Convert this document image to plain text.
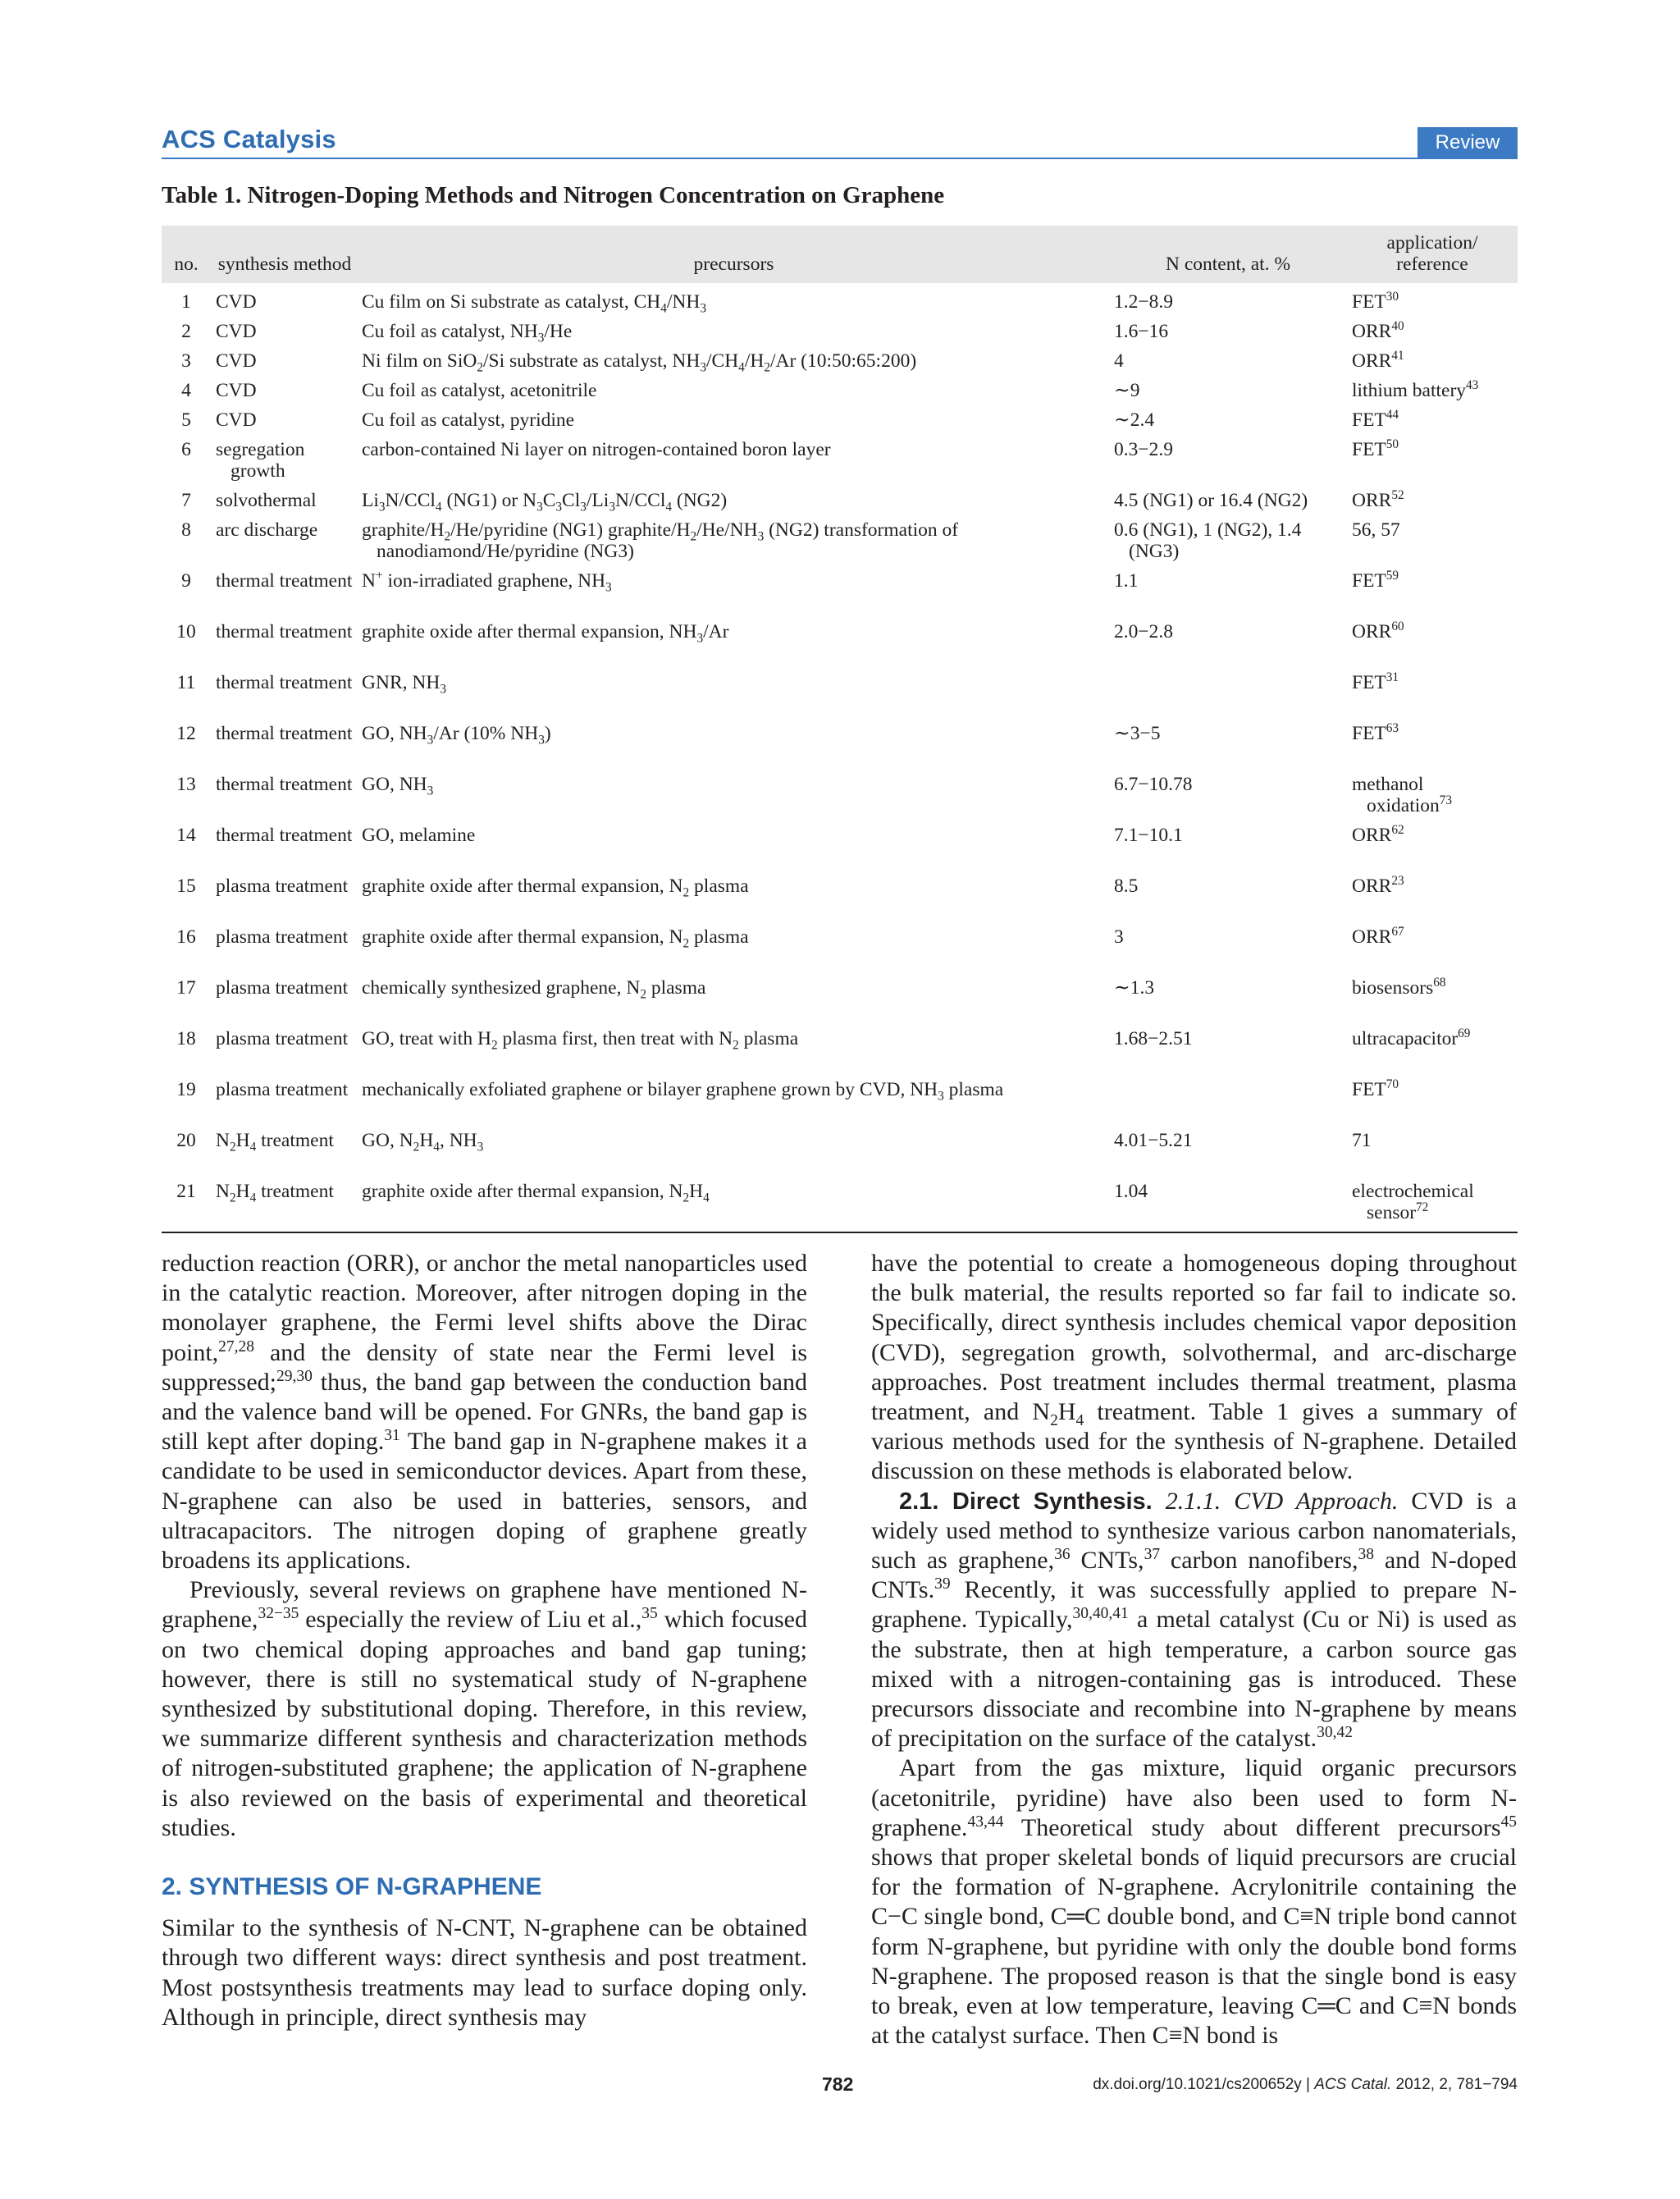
ACS Catalysis	Review
Table 1. Nitrogen-Doping Methods and Nitrogen Concentration on Graphene
no.	synthesis method	precursors	N content, at. %	application/ reference
1	CVD	Cu film on Si substrate as catalyst, $CH_4/NH_3$	1.2−8.9	FET$^{30}$
2	CVD	Cu foil as catalyst, $NH_3/He$	1.6−16	ORR$^{40}$
3	CVD	Ni film on SiO$_2$/Si substrate as catalyst, $NH_3/CH_4/H_2/Ar$ (10:50:65:200)	4	ORR$^{41}$
4	CVD	Cu foil as catalyst, acetonitrile	∼9	lithium battery$^{43}$
5	CVD	Cu foil as catalyst, pyridine	∼2.4	FET$^{44}$
6	segregation growth	carbon-contained Ni layer on nitrogen-contained boron layer	0.3−2.9	FET$^{50}$
7	solvothermal	$Li_3N/CCl_4$ (NG1) or $N_3C_3Cl_3/Li_3N/CCl_4$ (NG2)	4.5 (NG1) or 16.4 (NG2)	ORR$^{52}$
8	arc discharge	graphite/$H_2/He$/pyridine (NG1) graphite/$H_2/He/NH_3$ (NG2) transformation of nanodiamond/He/pyridine (NG3)	0.6 (NG1), 1 (NG2), 1.4 (NG3)	56, 57
9	thermal treatment	N+ ion-irradiated graphene, $NH_3$	1.1	FET$^{59}$
10	thermal treatment	graphite oxide after thermal expansion, $NH_3/Ar$	2.0−2.8	ORR$^{60}$
11	thermal treatment	GNR, $NH_3$		FET$^{31}$
12	thermal treatment	GO, $NH_3/Ar$ (10% $NH_3$)	∼3−5	FET$^{63}$
13	thermal treatment	GO, $NH_3$	6.7−10.78	methanol oxidation$^{73}$
14	thermal treatment	GO, melamine	7.1−10.1	ORR$^{62}$
15	plasma treatment	graphite oxide after thermal expansion, $N_2$ plasma	8.5	ORR$^{23}$
16	plasma treatment	graphite oxide after thermal expansion, $N_2$ plasma	3	ORR$^{67}$
17	plasma treatment	chemically synthesized graphene, $N_2$ plasma	∼1.3	biosensors$^{68}$
18	plasma treatment	GO, treat with $H_2$ plasma first, then treat with $N_2$ plasma	1.68−2.51	ultracapacitor$^{69}$
19	plasma treatment	mechanically exfoliated graphene or bilayer graphene grown by CVD, $NH_3$ plasma		FET$^{70}$
20	$N_2H_4$ treatment	GO, $N_2H_4$, $NH_3$	4.01−5.21	71
21	$N_2H_4$ treatment	graphite oxide after thermal expansion, $N_2H_4$	1.04	electrochemical sensor$^{72}$

reduction reaction (ORR), or anchor the metal nanoparticles used in the catalytic reaction. Moreover, after nitrogen doping in the monolayer graphene, the Fermi level shifts above the Dirac point,$^{27,28}$ and the density of state near the Fermi level is suppressed;$^{29,30}$ thus, the band gap between the conduction band and the valence band will be opened. For GNRs, the band gap is still kept after doping.$^{31}$ The band gap in N-graphene makes it a candidate to be used in semiconductor devices. Apart from these, N-graphene can also be used in batteries, sensors, and ultracapacitors. The nitrogen doping of graphene greatly broadens its applications.

Previously, several reviews on graphene have mentioned N-graphene,$^{32-35}$ especially the review of Liu et al.,$^{35}$ which focused on two chemical doping approaches and band gap tuning; however, there is still no systematical study of N-graphene synthesized by substitutional doping. Therefore, in this review, we summarize different synthesis and characterization methods of nitrogen-substituted graphene; the application of N-graphene is also reviewed on the basis of experimental and theoretical studies.

2. SYNTHESIS OF N-GRAPHENE

Similar to the synthesis of N-CNT, N-graphene can be obtained through two different ways: direct synthesis and post treatment. Most postsynthesis treatments may lead to surface doping only. Although in principle, direct synthesis may

have the potential to create a homogeneous doping throughout the bulk material, the results reported so far fail to indicate so. Specifically, direct synthesis includes chemical vapor deposition (CVD), segregation growth, solvothermal, and arc-discharge approaches. Post treatment includes thermal treatment, plasma treatment, and $N_2H_4$ treatment. Table 1 gives a summary of various methods used for the synthesis of N-graphene. Detailed discussion on these methods is elaborated below.

2.1. Direct Synthesis. 2.1.1. CVD Approach. CVD is a widely used method to synthesize various carbon nanomaterials, such as graphene,$^{36}$ CNTs,$^{37}$ carbon nanofibers,$^{38}$ and N-doped CNTs.$^{39}$ Recently, it was successfully applied to prepare N-graphene. Typically,$^{30,40,41}$ a metal catalyst (Cu or Ni) is used as the substrate, then at high temperature, a carbon source gas mixed with a nitrogen-containing gas is introduced. These precursors dissociate and recombine into N-graphene by means of precipitation on the surface of the catalyst.$^{30,42}$

Apart from the gas mixture, liquid organic precursors (acetonitrile, pyridine) have also been used to form N-graphene.$^{43,44}$ Theoretical study about different precursors$^{45}$ shows that proper skeletal bonds of liquid precursors are crucial for the formation of N-graphene. Acrylonitrile containing the C−C single bond, C═C double bond, and C≡N triple bond cannot form N-graphene, but pyridine with only the double bond forms N-graphene. The proposed reason is that the single bond is easy to break, even at low temperature, leaving C═C and C≡N bonds at the catalyst surface. Then C≡N bond is

782	dx.doi.org/10.1021/cs200652y | ACS Catal. 2012, 2, 781−794
